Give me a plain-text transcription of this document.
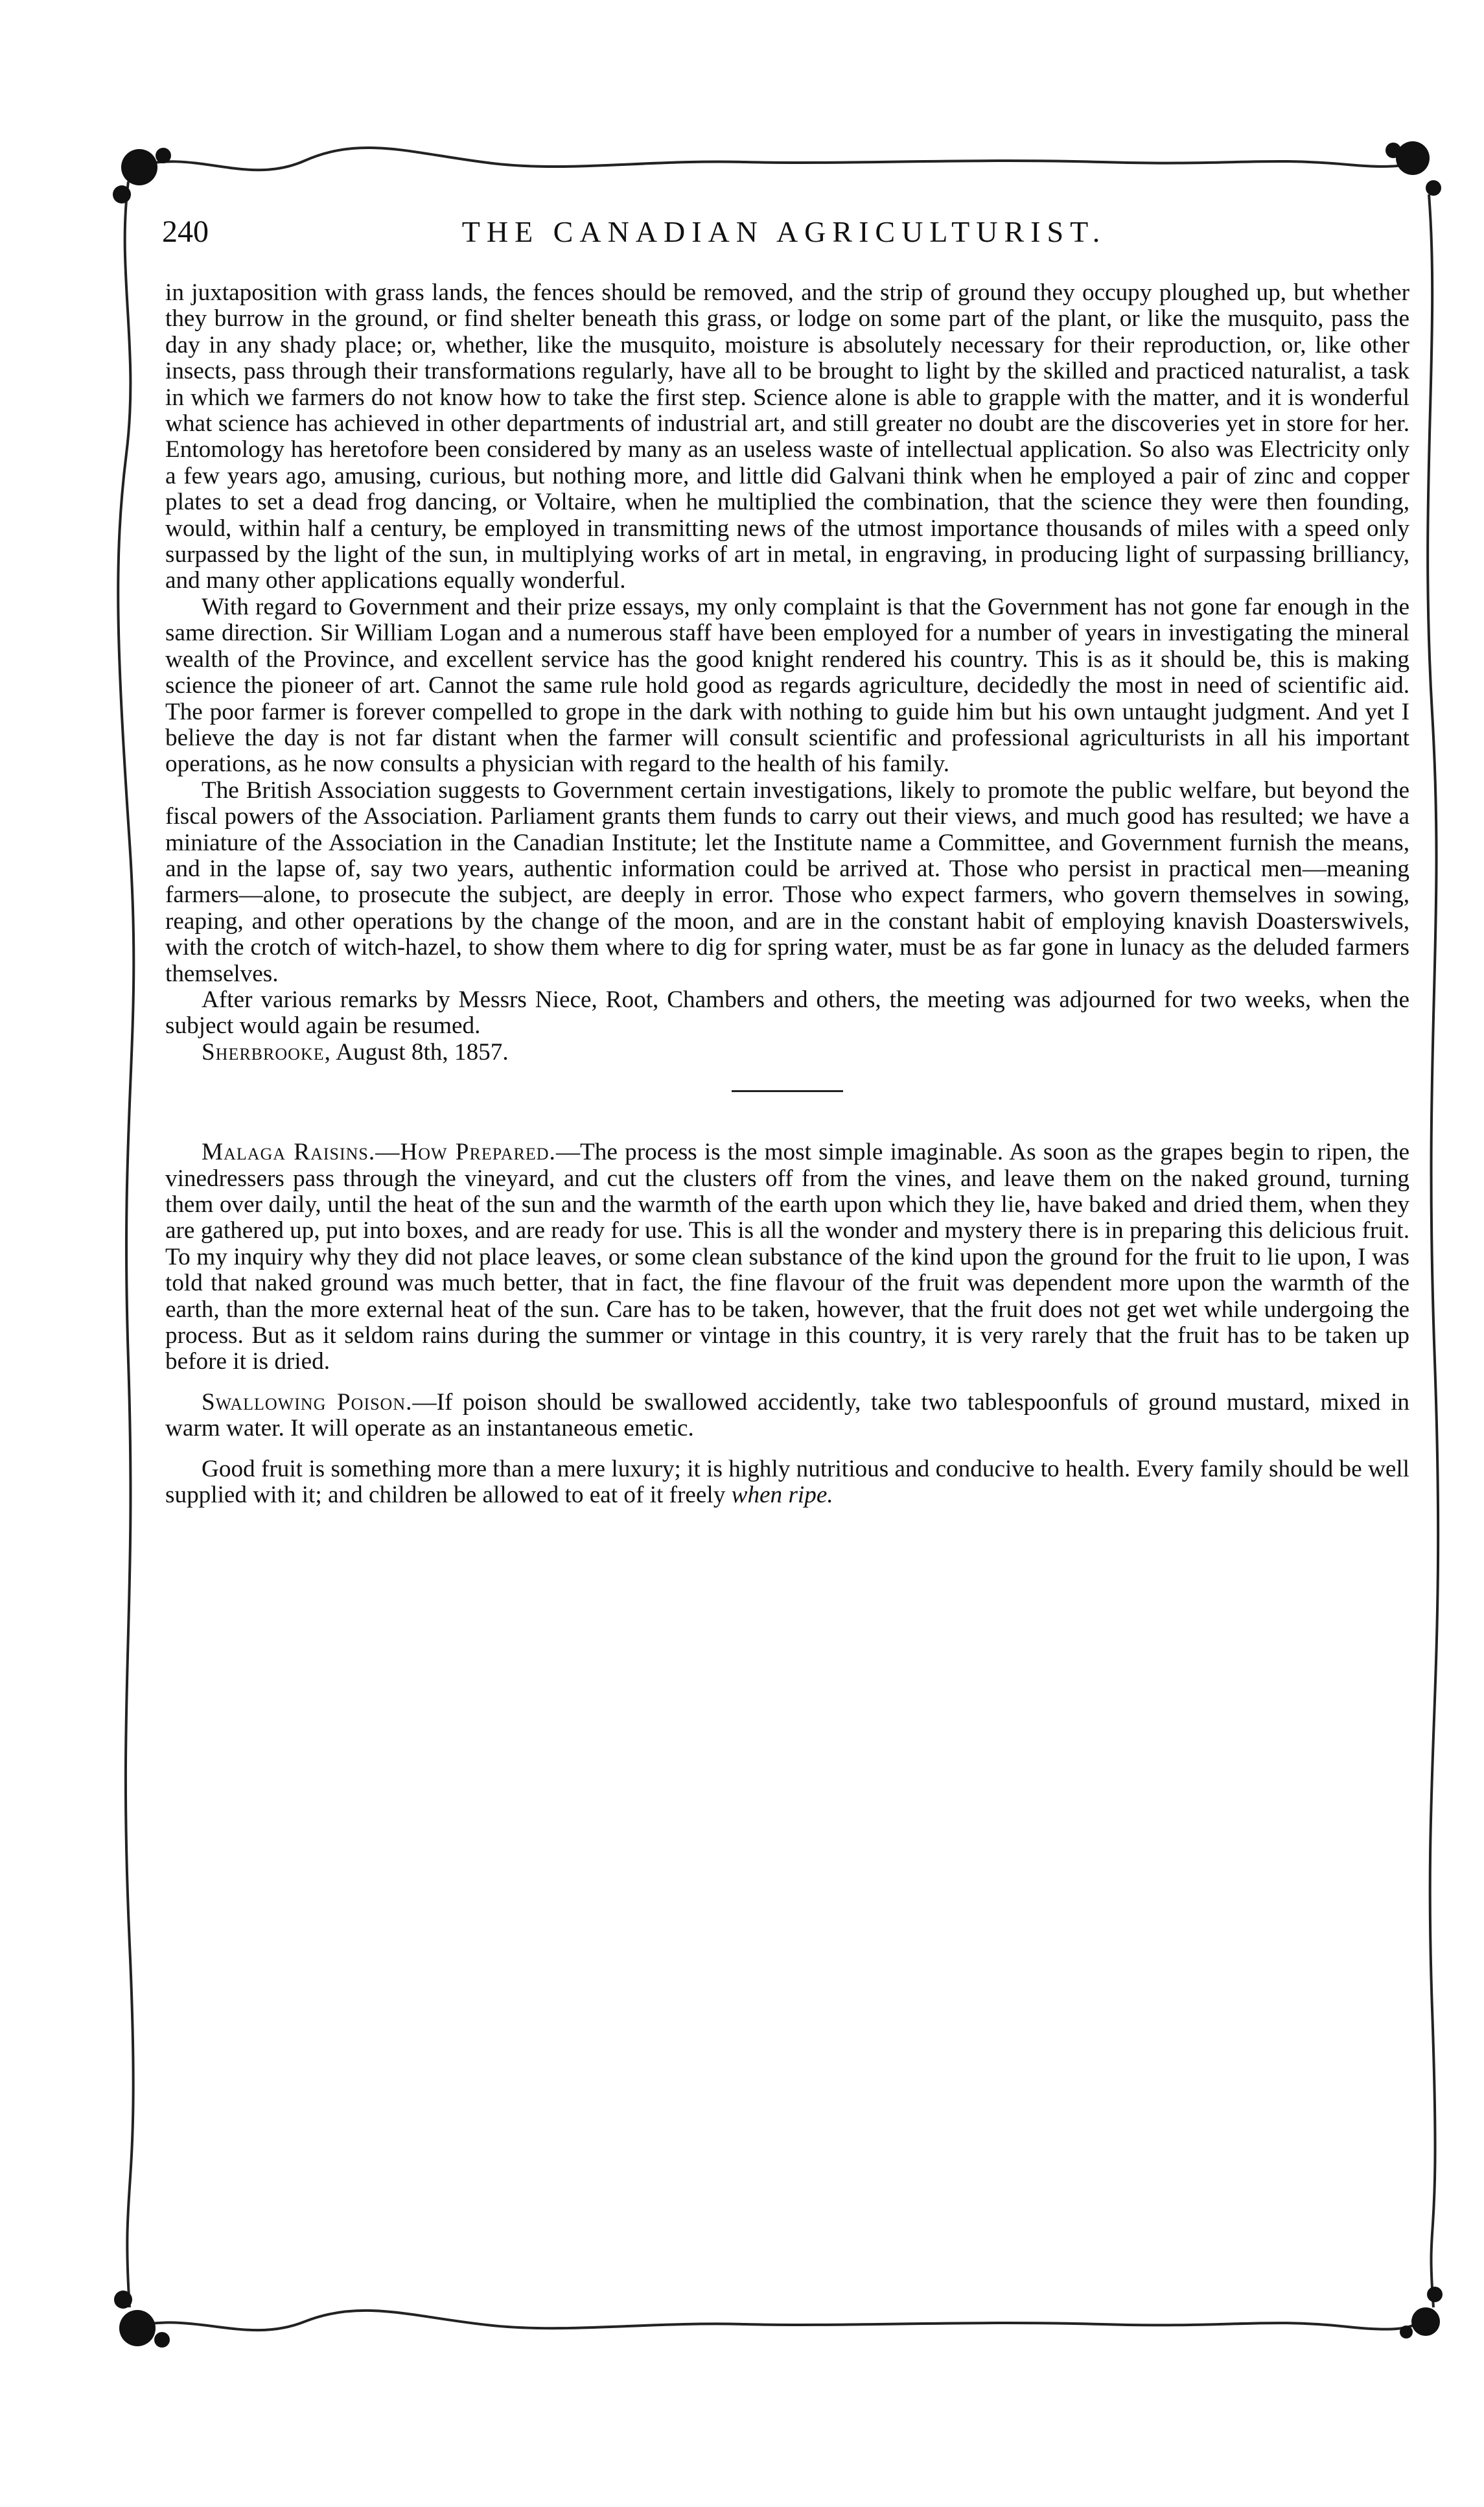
240	THE CANADIAN AGRICULTURIST.

in juxtaposition with grass lands, the fences should be removed, and the strip of ground they occupy ploughed up, but whether they burrow in the ground, or find shelter beneath this grass, or lodge on some part of the plant, or like the musquito, pass the day in any shady place; or, whether, like the musquito, moisture is absolutely necessary for their reproduction, or, like other insects, pass through their transformations regularly, have all to be brought to light by the skilled and practiced naturalist, a task in which we farmers do not know how to take the first step. Science alone is able to grapple with the matter, and it is wonderful what science has achieved in other departments of industrial art, and still greater no doubt are the discoveries yet in store for her. Entomology has heretofore been considered by many as an useless waste of intellectual application. So also was Electricity only a few years ago, amusing, curious, but nothing more, and little did Galvani think when he employed a pair of zinc and copper plates to set a dead frog dancing, or Voltaire, when he multiplied the combination, that the science they were then founding, would, within half a century, be employed in transmitting news of the utmost importance thousands of miles with a speed only surpassed by the light of the sun, in multiplying works of art in metal, in engraving, in producing light of surpassing brilliancy, and many other applications equally wonderful.

With regard to Government and their prize essays, my only complaint is that the Government has not gone far enough in the same direction. Sir William Logan and a numerous staff have been employed for a number of years in investigating the mineral wealth of the Province, and excellent service has the good knight rendered his country. This is as it should be, this is making science the pioneer of art. Cannot the same rule hold good as regards agriculture, decidedly the most in need of scientific aid. The poor farmer is forever compelled to grope in the dark with nothing to guide him but his own untaught judgment. And yet I believe the day is not far distant when the farmer will consult scientific and professional agriculturists in all his important operations, as he now consults a physician with regard to the health of his family.

The British Association suggests to Government certain investigations, likely to promote the public welfare, but beyond the fiscal powers of the Association. Parliament grants them funds to carry out their views, and much good has resulted; we have a miniature of the Association in the Canadian Institute; let the Institute name a Committee, and Government furnish the means, and in the lapse of, say two years, authentic information could be arrived at. Those who persist in practical men—meaning farmers—alone, to prosecute the subject, are deeply in error. Those who expect farmers, who govern themselves in sowing, reaping, and other operations by the change of the moon, and are in the constant habit of employing knavish Doasterswivels, with the crotch of witch-hazel, to show them where to dig for spring water, must be as far gone in lunacy as the deluded farmers themselves.

After various remarks by Messrs Niece, Root, Chambers and others, the meeting was adjourned for two weeks, when the subject would again be resumed.

Sherbrooke, August 8th, 1857.

Malaga Raisins.—How Prepared.—The process is the most simple imaginable. As soon as the grapes begin to ripen, the vinedressers pass through the vineyard, and cut the clusters off from the vines, and leave them on the naked ground, turning them over daily, until the heat of the sun and the warmth of the earth upon which they lie, have baked and dried them, when they are gathered up, put into boxes, and are ready for use. This is all the wonder and mystery there is in preparing this delicious fruit. To my inquiry why they did not place leaves, or some clean substance of the kind upon the ground for the fruit to lie upon, I was told that naked ground was much better, that in fact, the fine flavour of the fruit was dependent more upon the warmth of the earth, than the more external heat of the sun. Care has to be taken, however, that the fruit does not get wet while undergoing the process. But as it seldom rains during the summer or vintage in this country, it is very rarely that the fruit has to be taken up before it is dried.

Swallowing Poison.—If poison should be swallowed accidently, take two tablespoonfuls of ground mustard, mixed in warm water. It will operate as an instantaneous emetic.

Good fruit is something more than a mere luxury; it is highly nutritious and conducive to health. Every family should be well supplied with it; and children be allowed to eat of it freely when ripe.
